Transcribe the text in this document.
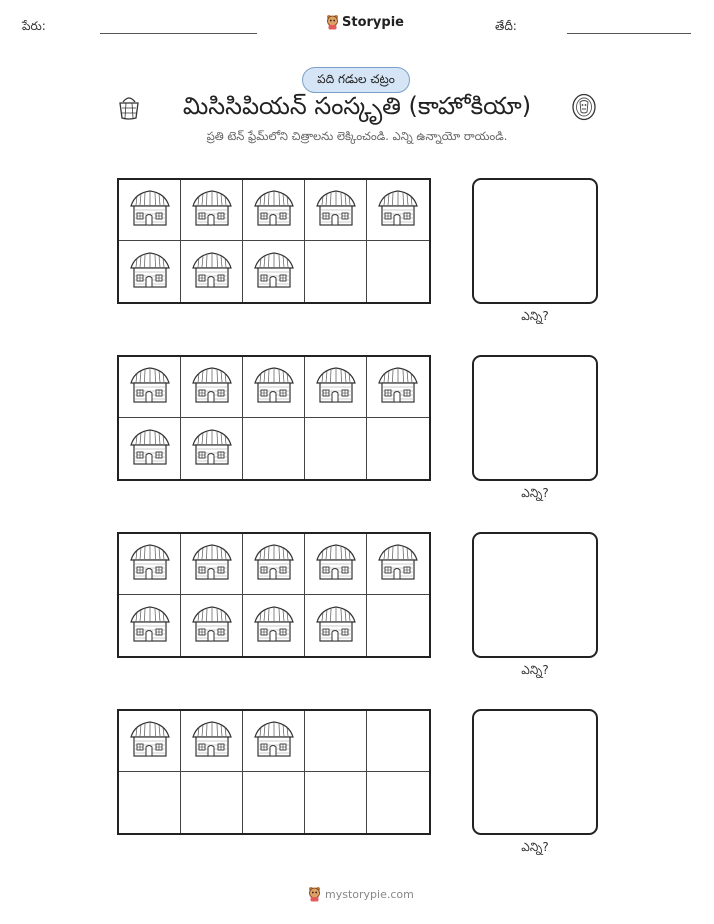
పేరు:	Storypie	తేదీ:
పది గడుల చట్రం
మిసిసిపియన్ సంస్కృతి (కాహోకియా)
ప్రతి టెన్ ఫ్రేమ్‌లోని చిత్రాలను లెక్కించండి. ఎన్ని ఉన్నాయో రాయండి.
ఎన్ని?
ఎన్ని?
ఎన్ని?
ఎన్ని?
mystorypie.com
